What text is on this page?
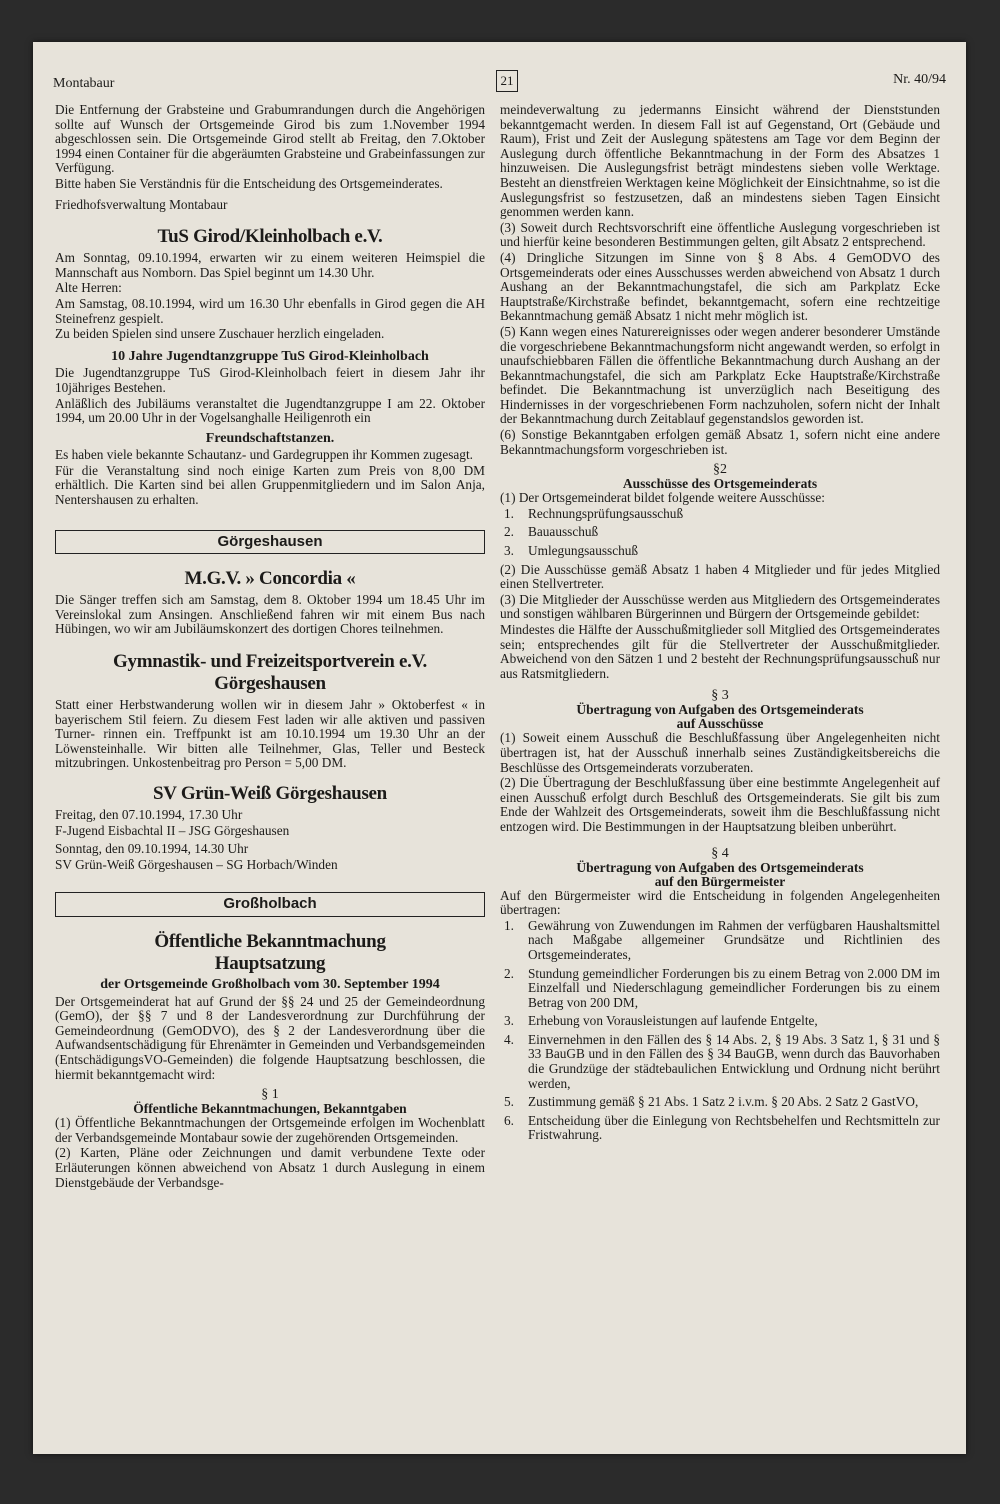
Montabaur	21	Nr. 40/94

Die Entfernung der Grabsteine und Grabumrandungen durch die Angehörigen sollte auf Wunsch der Ortsgemeinde Girod bis zum 1.November 1994 abgeschlossen sein. Die Ortsgemeinde Girod stellt ab Freitag, den 7.Oktober 1994 einen Container für die abgeräumten Grabsteine und Grabeinfassungen zur Verfügung.

Bitte haben Sie Verständnis für die Entscheidung des Ortsgemeinderates.

Friedhofsverwaltung Montabaur

TuS Girod/Kleinholbach e.V.

Am Sonntag, 09.10.1994, erwarten wir zu einem weiteren Heimspiel die Mannschaft aus Nomborn. Das Spiel beginnt um 14.30 Uhr.

Alte Herren:

Am Samstag, 08.10.1994, wird um 16.30 Uhr ebenfalls in Girod gegen die AH Steinefrenz gespielt.

Zu beiden Spielen sind unsere Zuschauer herzlich eingeladen.

10 Jahre Jugendtanzgruppe TuS Girod-Kleinholbach

Die Jugendtanzgruppe TuS Girod-Kleinholbach feiert in diesem Jahr ihr 10jähriges Bestehen.

Anläßlich des Jubiläums veranstaltet die Jugendtanzgruppe I am 22. Oktober 1994, um 20.00 Uhr in der Vogelsanghalle Heiligenroth ein

Freundschaftstanzen.

Es haben viele bekannte Schautanz- und Gardegruppen ihr Kommen zugesagt.

Für die Veranstaltung sind noch einige Karten zum Preis von 8,00 DM erhältlich. Die Karten sind bei allen Gruppenmitgliedern und im Salon Anja, Nentershausen zu erhalten.

Görgeshausen
M.G.V. » Concordia «

Die Sänger treffen sich am Samstag, dem 8. Oktober 1994 um 18.45 Uhr im Vereinslokal zum Ansingen. Anschließend fahren wir mit einem Bus nach Hübingen, wo wir am Jubiläumskonzert des dortigen Chores teilnehmen.

Gymnastik- und Freizeitsportverein e.V.
Görgeshausen

Statt einer Herbstwanderung wollen wir in diesem Jahr » Oktoberfest « in bayerischem Stil feiern. Zu diesem Fest laden wir alle aktiven und passiven Turner- rinnen ein. Treffpunkt ist am 10.10.1994 um 19.30 Uhr an der Löwensteinhalle. Wir bitten alle Teilnehmer, Glas, Teller und Besteck mitzubringen. Unkostenbeitrag pro Person = 5,00 DM.

SV Grün-Weiß Görgeshausen

Freitag, den 07.10.1994, 17.30 Uhr

F-Jugend Eisbachtal II – JSG Görgeshausen

Sonntag, den 09.10.1994, 14.30 Uhr

SV Grün-Weiß Görgeshausen – SG Horbach/Winden

Großholbach
Öffentliche Bekanntmachung
Hauptsatzung
der Ortsgemeinde Großholbach vom 30. September 1994

Der Ortsgemeinderat hat auf Grund der §§ 24 und 25 der Gemeindeordnung (GemO), der §§ 7 und 8 der Landesverordnung zur Durchführung der Gemeindeordnung (GemODVO), des § 2 der Landesverordnung über die Aufwandsentschädigung für Ehrenämter in Gemeinden und Verbandsgemeinden (EntschädigungsVO-Gemeinden) die folgende Hauptsatzung beschlossen, die hiermit bekanntgemacht wird:

§ 1
Öffentliche Bekanntmachungen, Bekanntgaben

(1) Öffentliche Bekanntmachungen der Ortsgemeinde erfolgen im Wochenblatt der Verbandsgemeinde Montabaur sowie der zugehörenden Ortsgemeinden.

(2) Karten, Pläne oder Zeichnungen und damit verbundene Texte oder Erläuterungen können abweichend von Absatz 1 durch Auslegung in einem Dienstgebäude der Verbandsge-

meindeverwaltung zu jedermanns Einsicht während der Dienststunden bekanntgemacht werden. In diesem Fall ist auf Gegenstand, Ort (Gebäude und Raum), Frist und Zeit der Auslegung spätestens am Tage vor dem Beginn der Auslegung durch öffentliche Bekanntmachung in der Form des Absatzes 1 hinzuweisen. Die Auslegungsfrist beträgt mindestens sieben volle Werktage. Besteht an dienstfreien Werktagen keine Möglichkeit der Einsichtnahme, so ist die Auslegungsfrist so festzusetzen, daß an mindestens sieben Tagen Einsicht genommen werden kann.

(3) Soweit durch Rechtsvorschrift eine öffentliche Auslegung vorgeschrieben ist und hierfür keine besonderen Bestimmungen gelten, gilt Absatz 2 entsprechend.

(4) Dringliche Sitzungen im Sinne von § 8 Abs. 4 GemODVO des Ortsgemeinderats oder eines Ausschusses werden abweichend von Absatz 1 durch Aushang an der Bekanntmachungstafel, die sich am Parkplatz Ecke Hauptstraße/Kirchstraße befindet, bekanntgemacht, sofern eine rechtzeitige Bekanntmachung gemäß Absatz 1 nicht mehr möglich ist.

(5) Kann wegen eines Naturereignisses oder wegen anderer besonderer Umstände die vorgeschriebene Bekanntmachungsform nicht angewandt werden, so erfolgt in unaufschiebbaren Fällen die öffentliche Bekanntmachung durch Aushang an der Bekanntmachungstafel, die sich am Parkplatz Ecke Hauptstraße/Kirchstraße befindet. Die Bekanntmachung ist unverzüglich nach Beseitigung des Hindernisses in der vorgeschriebenen Form nachzuholen, sofern nicht der Inhalt der Bekanntmachung durch Zeitablauf gegenstandslos geworden ist.

(6) Sonstige Bekanntgaben erfolgen gemäß Absatz 1, sofern nicht eine andere Bekanntmachungsform vorgeschrieben ist.

§2
Ausschüsse des Ortsgemeinderats

(1) Der Ortsgemeinderat bildet folgende weitere Ausschüsse:

1. Rechnungsprüfungsausschuß
2. Bauausschuß
3. Umlegungsausschuß

(2) Die Ausschüsse gemäß Absatz 1 haben 4 Mitglieder und für jedes Mitglied einen Stellvertreter.

(3) Die Mitglieder der Ausschüsse werden aus Mitgliedern des Ortsgemeinderates und sonstigen wählbaren Bürgerinnen und Bürgern der Ortsgemeinde gebildet:

Mindestes die Hälfte der Ausschußmitglieder soll Mitglied des Ortsgemeinderates sein; entsprechendes gilt für die Stellvertreter der Ausschußmitglieder. Abweichend von den Sätzen 1 und 2 besteht der Rechnungsprüfungsausschuß nur aus Ratsmitgliedern.

§ 3
Übertragung von Aufgaben des Ortsgemeinderats
auf Ausschüsse

(1) Soweit einem Ausschuß die Beschlußfassung über Angelegenheiten nicht übertragen ist, hat der Ausschuß innerhalb seines Zuständigkeitsbereichs die Beschlüsse des Ortsgemeinderats vorzuberaten.

(2) Die Übertragung der Beschlußfassung über eine bestimmte Angelegenheit auf einen Ausschuß erfolgt durch Beschluß des Ortsgemeinderats. Sie gilt bis zum Ende der Wahlzeit des Ortsgemeinderats, soweit ihm die Beschlußfassung nicht entzogen wird. Die Bestimmungen in der Hauptsatzung bleiben unberührt.

§ 4
Übertragung von Aufgaben des Ortsgemeinderats
auf den Bürgermeister

Auf den Bürgermeister wird die Entscheidung in folgenden Angelegenheiten übertragen:

1. Gewährung von Zuwendungen im Rahmen der verfügbaren Haushaltsmittel nach Maßgabe allgemeiner Grundsätze und Richtlinien des Ortsgemeinderates,
2. Stundung gemeindlicher Forderungen bis zu einem Betrag von 2.000 DM im Einzelfall und Niederschlagung gemeindlicher Forderungen bis zu einem Betrag von 200 DM,
3. Erhebung von Vorausleistungen auf laufende Entgelte,
4. Einvernehmen in den Fällen des § 14 Abs. 2, § 19 Abs. 3 Satz 1, § 31 und § 33 BauGB und in den Fällen des § 34 BauGB, wenn durch das Bauvorhaben die Grundzüge der städtebaulichen Entwicklung und Ordnung nicht berührt werden,
5. Zustimmung gemäß § 21 Abs. 1 Satz 2 i.v.m. § 20 Abs. 2 Satz 2 GastVO,
6. Entscheidung über die Einlegung von Rechtsbehelfen und Rechtsmitteln zur Fristwahrung.
